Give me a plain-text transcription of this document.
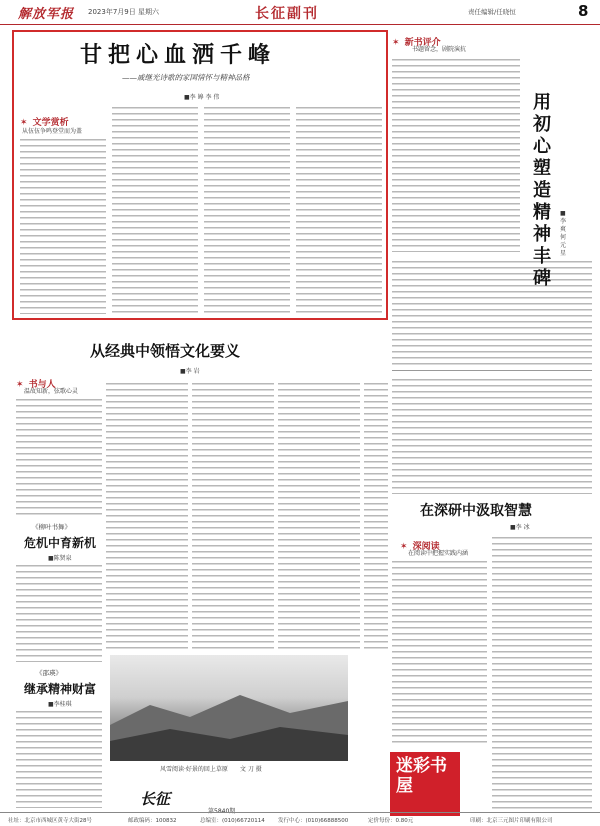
解放军报 2023年7月9日 星期六	长征副刊	责任编辑/任晓恒	8
甘把心血洒千峰
——戚继光诗歌的家国情怀与精神品格
■李 皞 李 伟
✶ 文学赏析
从伍伍争鸣登堂而为盖
✶ 新书评介
书题留念，剧院演抗
用初心塑造精神丰碑
■李爽 何元星
从经典中领悟文化要义
■李 岩
✶ 书与人
温故知新，弦歌心灵
《柳叶书舞》
危机中育新机
■陈贤泉
《邵瑛》
继承精神财富
■李桂琪
在深研中汲取智慧
■李 冰
✶ 深阅读
在阅读中把握实践内涵
风雪阅读·好景的回上草原　　文 刀 摄
长征
第5840期
迷彩书屋
社址：北京市西城区黄寺大街28号	邮政编码：100832	总编室：(010)66720114 发行中心：(010)66888500	定价每份：0.80元	印刷：北京三元图片印刷有限公司
